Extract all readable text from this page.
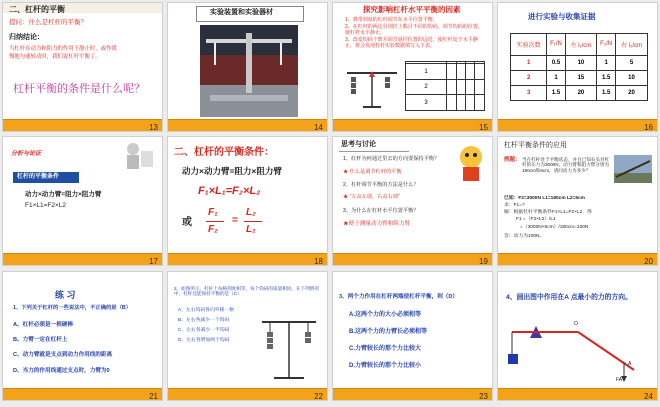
二、杠杆的平衡
提问：什么是杠杆的平衡？
归纳结论：
当杠杆在动力和阻力的作用下静止时，或作缓
慢地匀速转动时，我们说杠杆平衡了。
杠杆平衡的条件是什么呢？
13
实验装置和实验器材
14
探究影响杠杆水平平衡的因素
1、将带刻度的杠杆调节在水平位置平衡。
2、在杠杆的两边分别挂上数目不同的钩码，调节钩码的位置，使杠杆水平静止。
3、改变钩码个数并调节悬挂位置的远近，使杠杆处于水平静止，将会发现杠杆实验数据填写入下表。

1				
2				
3				
15
进行实验与收集证据
实验次数	F₁/N	左 l₁/cm	F₂/N	右 l₂/cm
1	0.5	10	1	5
2	1	15	1.5	10
3	1.5	20	1.5	20
16
分析与论证
杠杆的平衡条件
动力×动力臂=阻力×阻力臂
F1×L1=F2×L2
17
二、杠杆的平衡条件：
动力×动力臂=阻力×阻力臂
F₁×L₁=F₂×L₂
或
F₁
F₂
=
L₂
L₁
18
思考与讨论
1、红杆为何通过里去的方向要保持平衡？
★ 什么是调节杠杆的平衡
2、杠杆调节平衡的方法是什么？
★ “左高左调，右高右调”
3、为什么在杠杆水平位置平衡？
★便于测量动力臂和阻力臂
19
杠杆平衡条件的应用
例题： 当在杠杆处于平衡状态，并且已知石头对杠杆的压力为3000N，动力臂和阻力臂分别为180cm和6cm，请问动力为多少？
已知：F2=3000N L1=180cm L2=6cm
求：F1=?
解：根据杠杆平衡条件F1×L1=F2×L2，得
F1 =（F2×L2）/L1
=（3000N×6cm）/180cm=100N
答：动力为100N。
20
练 习
1、下列关于杠杆的一些说法中，不正确的是（B）
A、杠杆必须是一根硬棒
B、力臂一定在杠杆上
C、动力臂就是支点到动力作用线的距离
D、当力的作用线通过支点时，力臂为0
21
2、如图所示，杠杆上每格刻度相等，每个钩码的质量相同，在下列情况中，杠杆还能保持平衡的是（C）
A、左右钩码各向外移一格
B、左右各减少一个钩码
C、左右各减少一半钩码
D、左右各增加两个钩码
22
3、两个力作用在杠杆两端使杠杆平衡，则（D）
A.这两个力的大小必须相等
B.这两个力的力臂长必须相等
C.力臂较长的那个力比较大
D.力臂较长的那个力比较小
23
4、画出图中作用在A 点最小的力的方向。
O
A
FA
24
